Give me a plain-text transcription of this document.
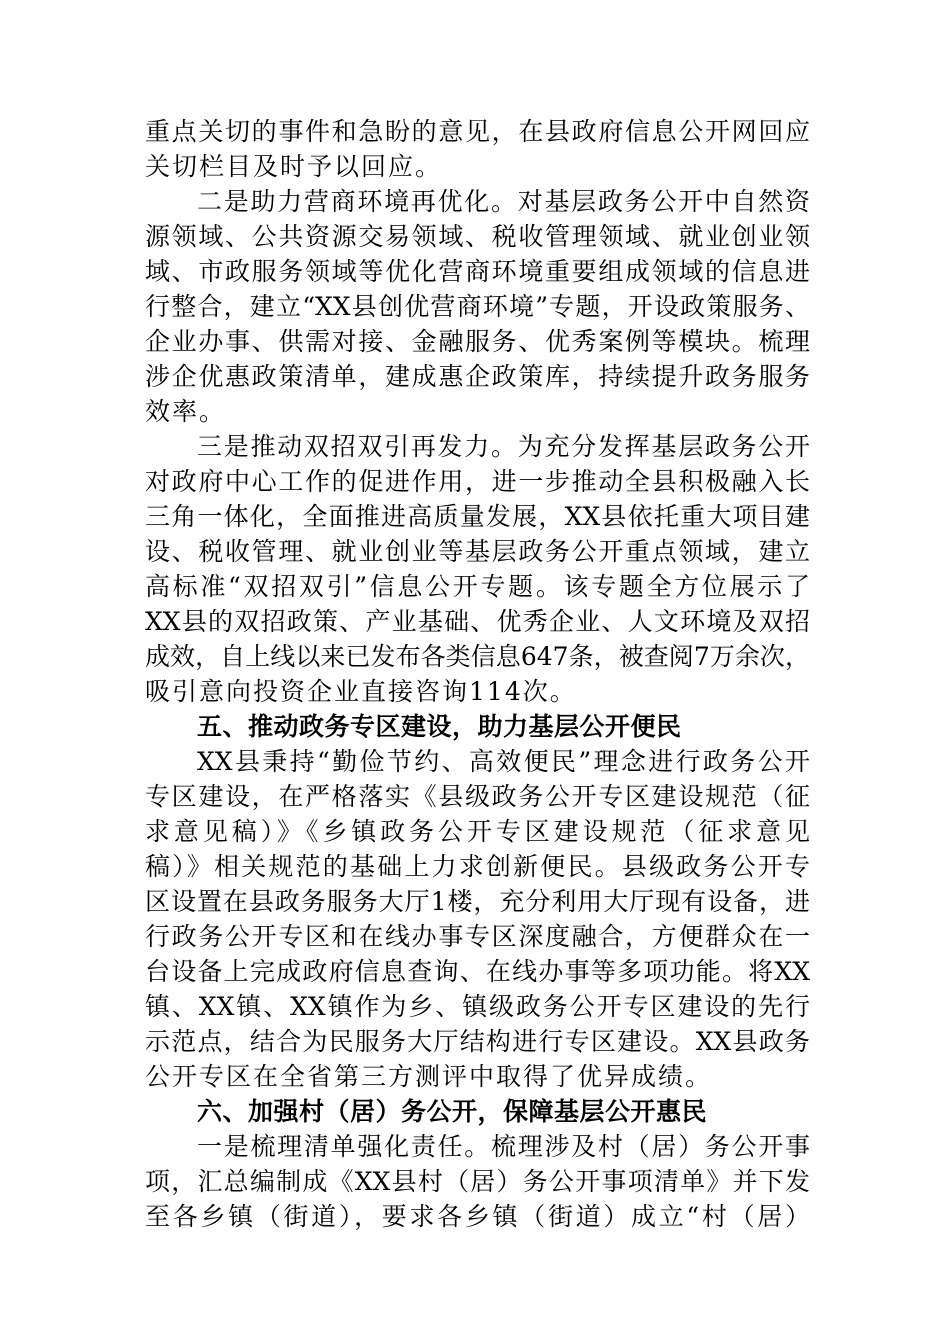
重点关切的事件和急盼的意见，在县政府信息公开网回应
关切栏目及时予以回应。
二是助力营商环境再优化。对基层政务公开中自然资
源领域、公共资源交易领域、税收管理领域、就业创业领
域、市政服务领域等优化营商环境重要组成领域的信息进
行整合，建立“XX县创优营商环境”专题，开设政策服务、
企业办事、供需对接、金融服务、优秀案例等模块。梳理
涉企优惠政策清单，建成惠企政策库，持续提升政务服务
效率。
三是推动双招双引再发力。为充分发挥基层政务公开
对政府中心工作的促进作用，进一步推动全县积极融入长
三角一体化，全面推进高质量发展，XX县依托重大项目建
设、税收管理、就业创业等基层政务公开重点领域，建立
高标准“双招双引”信息公开专题。该专题全方位展示了
XX县的双招政策、产业基础、优秀企业、人文环境及双招
成效，自上线以来已发布各类信息647条，被查阅7万余次，
吸引意向投资企业直接咨询114次。
五、推动政务专区建设，助力基层公开便民
XX县秉持“勤俭节约、高效便民”理念进行政务公开
专区建设，在严格落实《县级政务公开专区建设规范（征
求意见稿）》《乡镇政务公开专区建设规范（征求意见
稿）》相关规范的基础上力求创新便民。县级政务公开专
区设置在县政务服务大厅1楼，充分利用大厅现有设备，进
行政务公开专区和在线办事专区深度融合，方便群众在一
台设备上完成政府信息查询、在线办事等多项功能。将XX
镇、XX镇、XX镇作为乡、镇级政务公开专区建设的先行
示范点，结合为民服务大厅结构进行专区建设。XX县政务
公开专区在全省第三方测评中取得了优异成绩。
六、加强村（居）务公开，保障基层公开惠民
一是梳理清单强化责任。梳理涉及村（居）务公开事
项，汇总编制成《XX县村（居）务公开事项清单》并下发
至各乡镇（街道），要求各乡镇（街道）成立“村（居）
